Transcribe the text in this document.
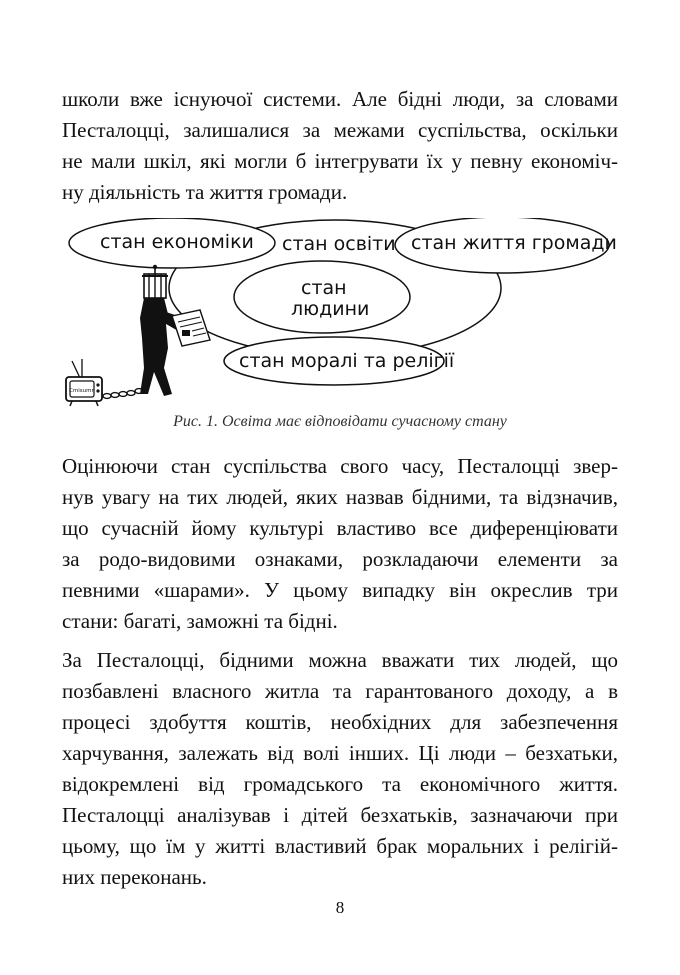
школи вже існуючої системи. Але бідні люди, за словами
Песталоцці, залишалися за межами суспільства, оскільки
не мали шкіл, які могли б інтегрувати їх у певну економіч-
ну діяльність та життя громади.

Cmisumn
стан економіки стан освіти стан життя громади
стан
людини
стан моралі та релігії

Рис. 1. Освіта має відповідати сучасному стану

Оцінюючи стан суспільства свого часу, Песталоцці звер-
нув увагу на тих людей, яких назвав бідними, та відзначив,
що сучасній йому культурі властиво все диференціювати
за родо-видовими ознаками, розкладаючи елементи за
певними «шарами». У цьому випадку він окреслив три
стани: багаті, заможні та бідні.

За Песталоцці, бідними можна вважати тих людей, що
позбавлені власного житла та гарантованого доходу, а в
процесі здобуття коштів, необхідних для забезпечення
харчування, залежать від волі інших. Ці люди – безхатьки,
відокремлені від громадського та економічного життя.
Песталоцці аналізував і дітей безхатьків, зазначаючи при
цьому, що їм у житті властивий брак моральних і релігій-
них переконань.

8
